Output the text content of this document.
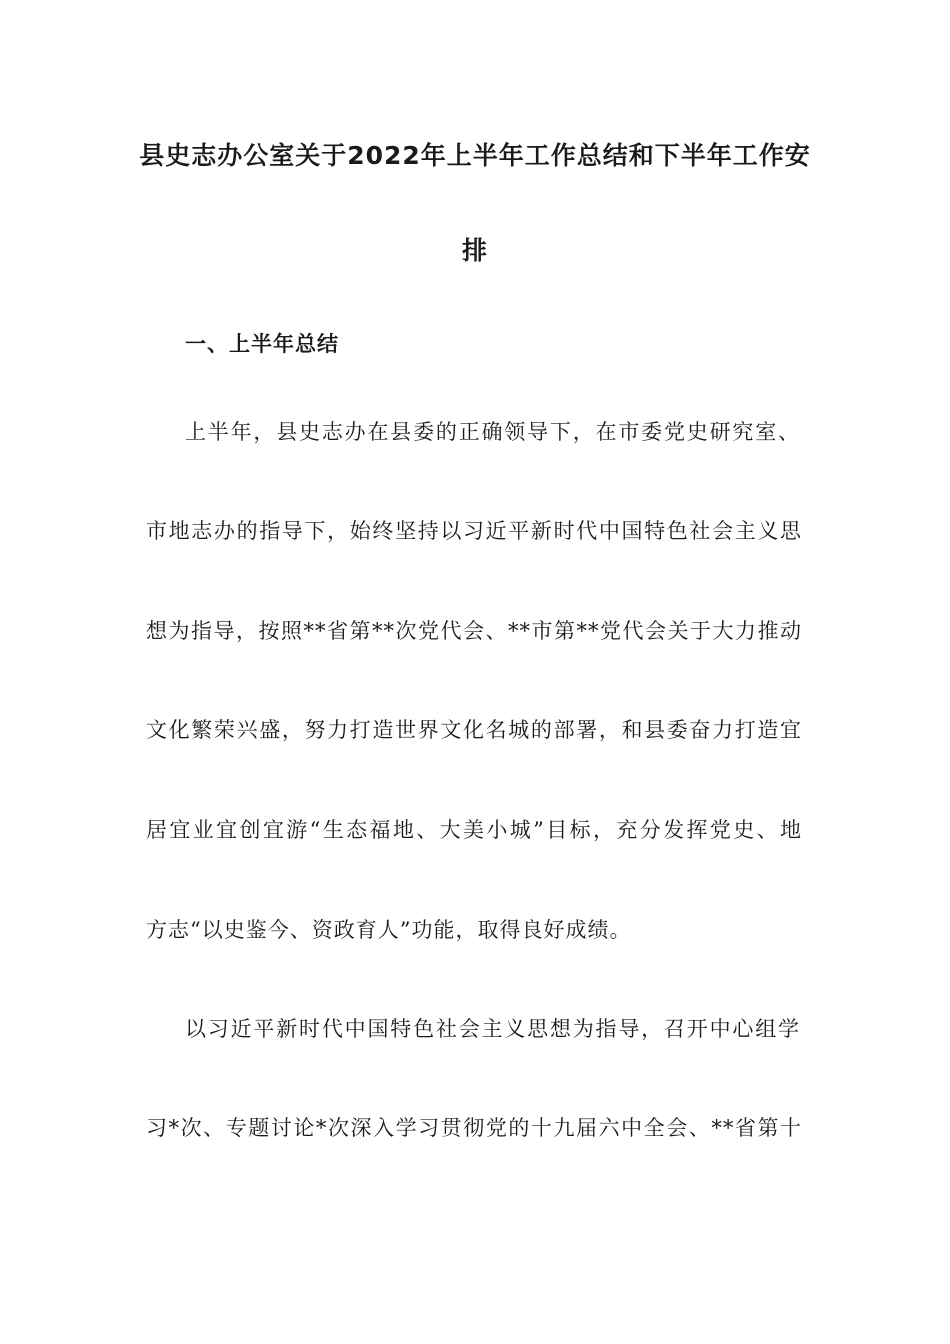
县史志办公室关于2022年上半年工作总结和下半年工作安
排
一、上半年总结
上半年，县史志办在县委的正确领导下，在市委党史研究室、
市地志办的指导下，始终坚持以习近平新时代中国特色社会主义思
想为指导，按照**省第**次党代会、**市第**党代会关于大力推动
文化繁荣兴盛，努力打造世界文化名城的部署，和县委奋力打造宜
居宜业宜创宜游“生态福地、大美小城”目标，充分发挥党史、地
方志“以史鉴今、资政育人”功能，取得良好成绩。
以习近平新时代中国特色社会主义思想为指导，召开中心组学
习*次、专题讨论*次深入学习贯彻党的十九届六中全会、**省第十
